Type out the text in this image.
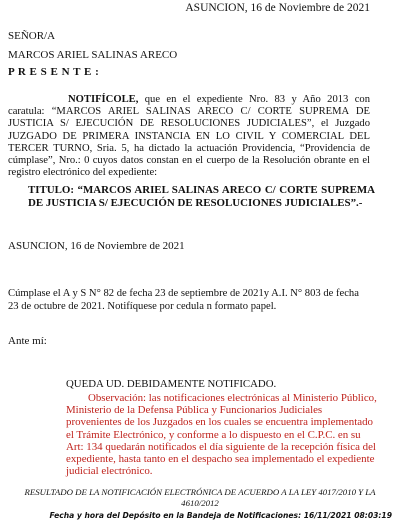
ASUNCION, 16 de Noviembre de 2021
SEÑOR/A
MARCOS ARIEL SALINAS ARECO
P R E S E N T E :
NOTIFÍCOLE, que en el expediente Nro. 83 y Año 2013 con caratula: “MARCOS ARIEL SALINAS ARECO C/ CORTE SUPREMA DE JUSTICIA S/ EJECUCIÓN DE RESOLUCIONES JUDICIALES”, el Juzgado JUZGADO DE PRIMERA INSTANCIA EN LO CIVIL Y COMERCIAL DEL TERCER TURNO, Sria. 5, ha dictado la actuación Providencia, “Providencia de cúmplase”, Nro.: 0 cuyos datos constan en el cuerpo de la Resolución obrante en el registro electrónico del expediente:
TITULO: “MARCOS ARIEL SALINAS ARECO C/ CORTE SUPREMA DE JUSTICIA S/ EJECUCIÓN DE RESOLUCIONES JUDICIALES”.-
ASUNCION, 16 de Noviembre de 2021
Cúmplase el A y S N° 82 de fecha 23 de septiembre de 2021y A.I. N° 803 de fecha 23 de octubre de 2021. Notifíquese por cedula n formato papel.
Ante mí:
QUEDA UD. DEBIDAMENTE NOTIFICADO.
Observación: las notificaciones electrónicas al Ministerio Público,
Ministerio de la Defensa Pública y Funcionarios Judiciales provenientes de los Juzgados en los cuales se encuentra implementado el Trámite Electrónico, y conforme a lo dispuesto en el C.P.C. en su Art: 134 quedarán notificados el día siguiente de la recepción física del expediente, hasta tanto en el despacho sea implementado el expediente judicial electrónico.
RESULTADO DE LA NOTIFICACIÓN ELECTRÓNICA DE ACUERDO A LA LEY 4017/2010 Y LA 4610/2012
Fecha y hora del Depósito en la Bandeja de Notificaciones: 16/11/2021 08:03:19
